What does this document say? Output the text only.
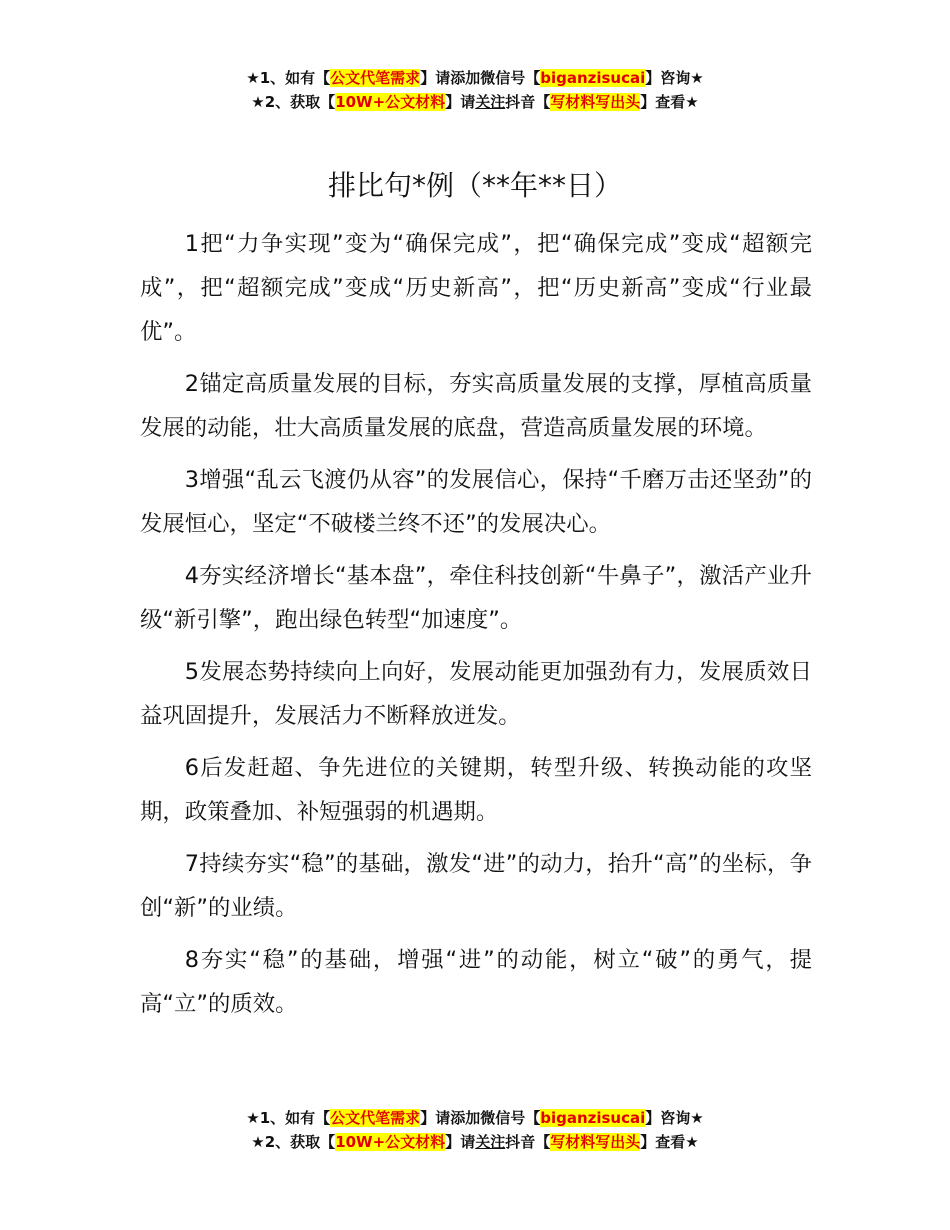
★1、如有【公文代笔需求】请添加微信号【biganzisucai】咨询★
★2、获取【10W+公文材料】请关注抖音【写材料写出头】查看★
排比句*例（**年**日）

1把“力争实现”变为“确保完成”，把“确保完成”变成“超额完成”，把“超额完成”变成“历史新高”，把“历史新高”变成“行业最优”。

2锚定高质量发展的目标，夯实高质量发展的支撑，厚植高质量发展的动能，壮大高质量发展的底盘，营造高质量发展的环境。

3增强“乱云飞渡仍从容”的发展信心，保持“千磨万击还坚劲”的发展恒心，坚定“不破楼兰终不还”的发展决心。

4夯实经济增长“基本盘”，牵住科技创新“牛鼻子”，激活产业升级“新引擎”，跑出绿色转型“加速度”。

5发展态势持续向上向好，发展动能更加强劲有力，发展质效日益巩固提升，发展活力不断释放迸发。

6后发赶超、争先进位的关键期，转型升级、转换动能的攻坚期，政策叠加、补短强弱的机遇期。

7持续夯实“稳”的基础，激发“进”的动力，抬升“高”的坐标，争创“新”的业绩。

8夯实“稳”的基础，增强“进”的动能，树立“破”的勇气，提高“立”的质效。

★1、如有【公文代笔需求】请添加微信号【biganzisucai】咨询★
★2、获取【10W+公文材料】请关注抖音【写材料写出头】查看★
